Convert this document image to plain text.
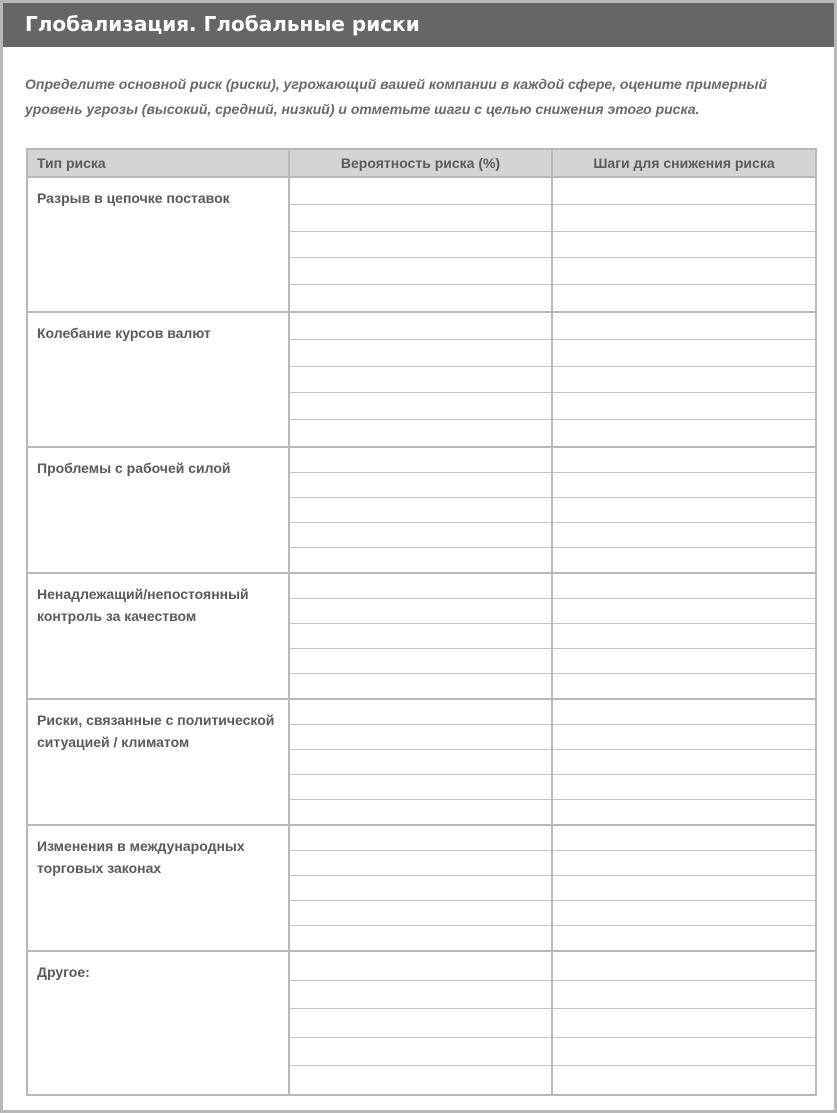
Глобализация. Глобальные риски
Определите основной риск (риски), угрожающий вашей компании в каждой сфере, оцените примерный уровень угрозы (высокий, средний, низкий) и отметьте шаги с целью снижения этого риска.
Тип риска	Вероятность риска (%)	Шаги для снижения риска
Разрыв в цепочке поставок	

Колебание курсов валют	

Проблемы с рабочей силой	

Ненадлежащий/непостоянный контроль за качеством	

Риски, связанные с политической ситуацией / климатом	

Изменения в международных торговых законах	

Другое:	
